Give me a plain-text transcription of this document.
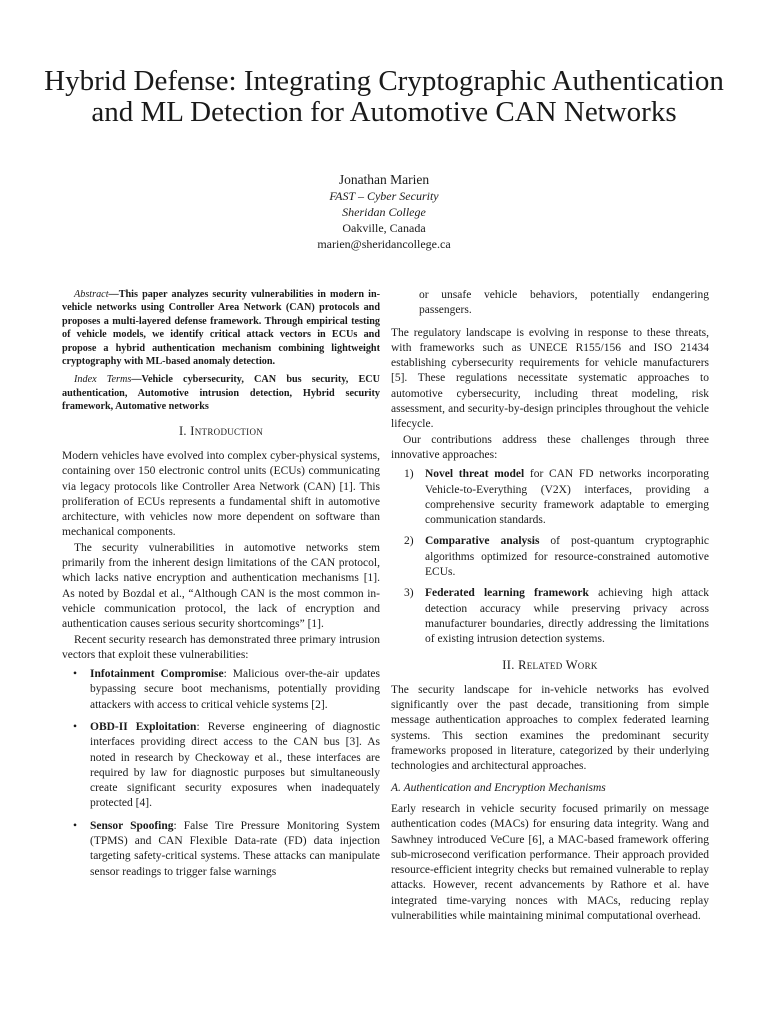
Hybrid Defense: Integrating Cryptographic Authentication and ML Detection for Automotive CAN Networks
Jonathan Marien
FAST – Cyber Security
Sheridan College
Oakville, Canada
marien@sheridancollege.ca

Abstract—This paper analyzes security vulnerabilities in modern in-vehicle networks using Controller Area Network (CAN) protocols and proposes a multi-layered defense framework. Through empirical testing of vehicle models, we identify critical attack vectors in ECUs and propose a hybrid authentication mechanism combining lightweight cryptography with ML-based anomaly detection.

Index Terms—Vehicle cybersecurity, CAN bus security, ECU authentication, Automotive intrusion detection, Hybrid security framework, Automative networks

I. Introduction

Modern vehicles have evolved into complex cyber-physical systems, containing over 150 electronic control units (ECUs) communicating via legacy protocols like Controller Area Network (CAN) [1]. This proliferation of ECUs represents a fundamental shift in automotive architecture, with vehicles now more dependent on software than mechanical components.

The security vulnerabilities in automotive networks stem primarily from the inherent design limitations of the CAN protocol, which lacks native encryption and authentication mechanisms [1]. As noted by Bozdal et al., “Although CAN is the most common in-vehicle communication protocol, the lack of encryption and authentication causes serious security shortcomings” [1].

Recent security research has demonstrated three primary intrusion vectors that exploit these vulnerabilities:

• Infotainment Compromise: Malicious over-the-air updates bypassing secure boot mechanisms, potentially providing attackers with access to critical vehicle systems [2].
• OBD-II Exploitation: Reverse engineering of diagnostic interfaces providing direct access to the CAN bus [3]. As noted in research by Checkoway et al., these interfaces are required by law for diagnostic purposes but simultaneously create significant security exposures when inadequately protected [4].
• Sensor Spoofing: False Tire Pressure Monitoring System (TPMS) and CAN Flexible Data-rate (FD) data injection targeting safety-critical systems. These attacks can manipulate sensor readings to trigger false warnings

or unsafe vehicle behaviors, potentially endangering passengers.

The regulatory landscape is evolving in response to these threats, with frameworks such as UNECE R155/156 and ISO 21434 establishing cybersecurity requirements for vehicle manufacturers [5]. These regulations necessitate systematic approaches to automotive cybersecurity, including threat modeling, risk assessment, and security-by-design principles throughout the vehicle lifecycle.

Our contributions address these challenges through three innovative approaches:

1) Novel threat model for CAN FD networks incorporating Vehicle-to-Everything (V2X) interfaces, providing a comprehensive security framework adaptable to emerging communication standards.
2) Comparative analysis of post-quantum cryptographic algorithms optimized for resource-constrained automotive ECUs.
3) Federated learning framework achieving high attack detection accuracy while preserving privacy across manufacturer boundaries, directly addressing the limitations of existing intrusion detection systems.
II. Related Work

The security landscape for in-vehicle networks has evolved significantly over the past decade, transitioning from simple message authentication approaches to complex federated learning systems. This section examines the predominant security frameworks proposed in literature, categorized by their underlying technologies and architectural approaches.

A. Authentication and Encryption Mechanisms

Early research in vehicle security focused primarily on message authentication codes (MACs) for ensuring data integrity. Wang and Sawhney introduced VeCure [6], a MAC-based framework offering sub-microsecond verification performance. Their approach provided resource-efficient integrity checks but remained vulnerable to replay attacks. However, recent advancements by Rathore et al. have integrated time-varying nonces with MACs, reducing replay vulnerabilities while maintaining minimal computational overhead.
